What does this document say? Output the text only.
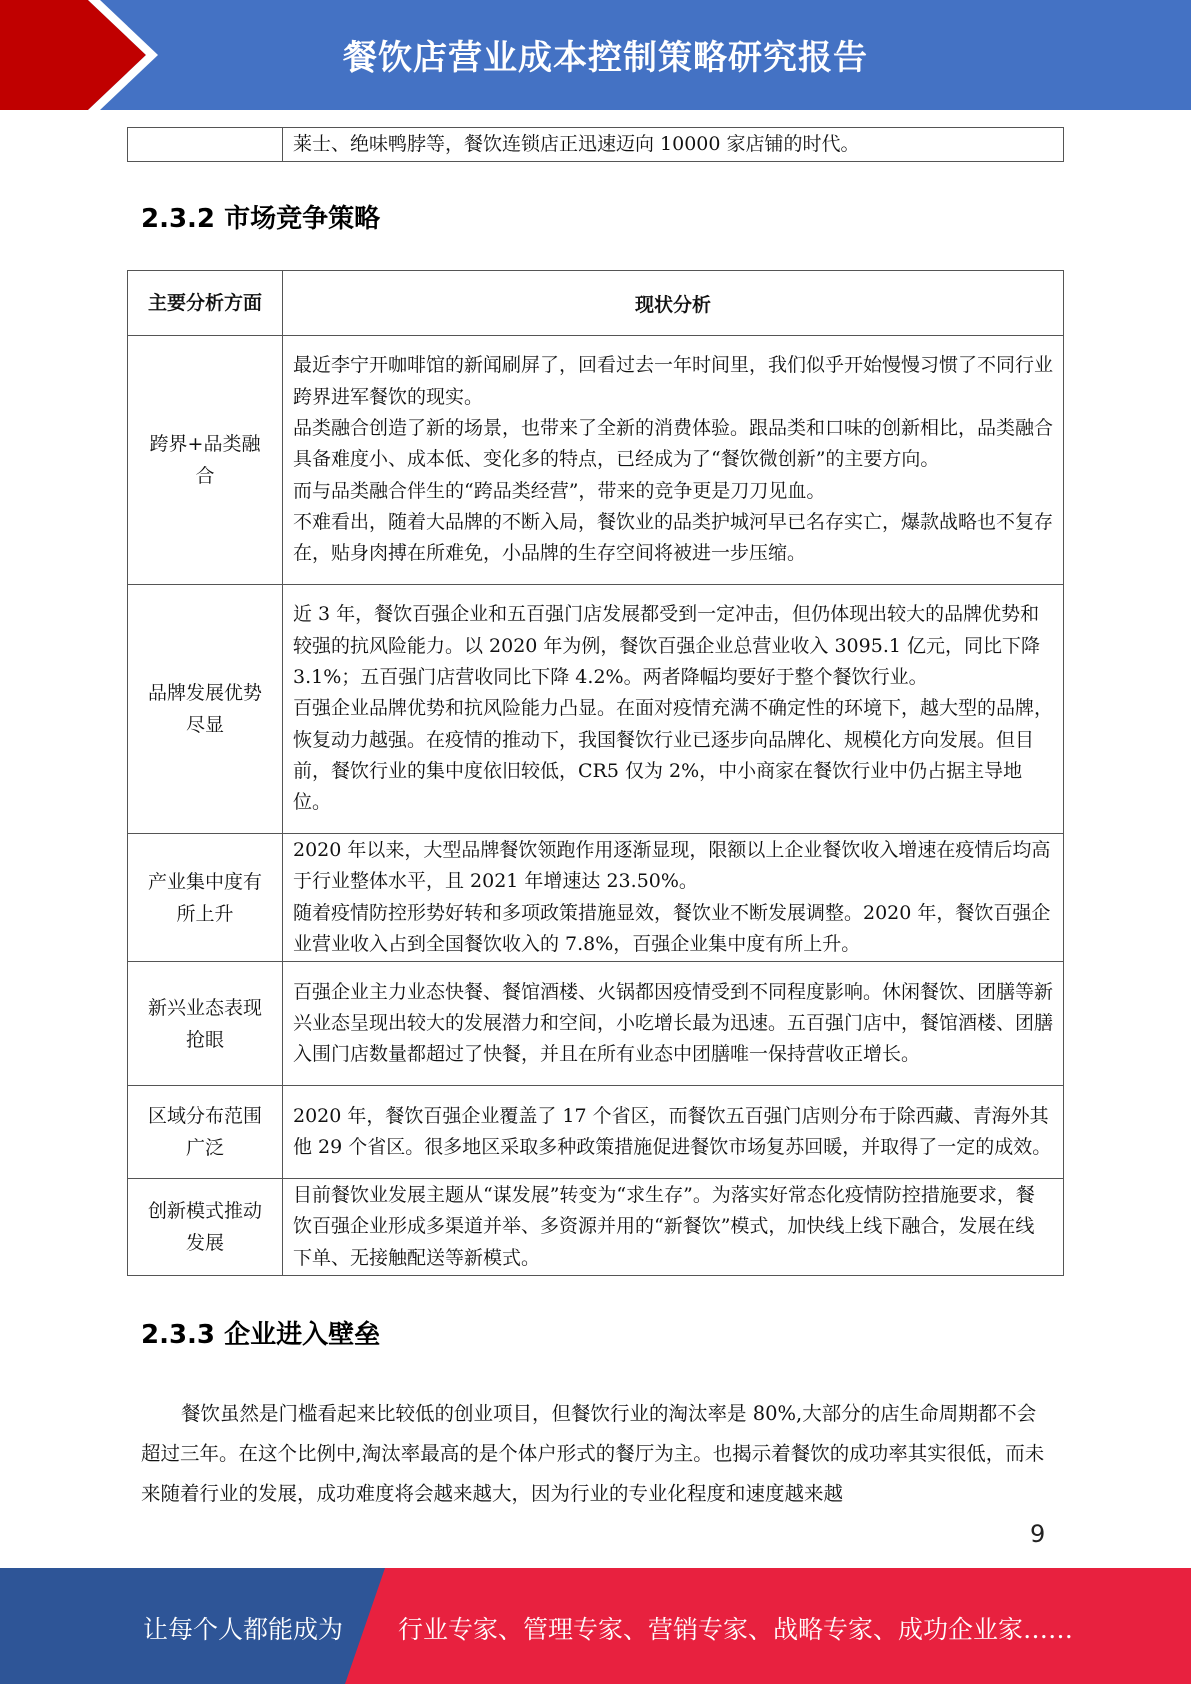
餐饮店营业成本控制策略研究报告
	莱士、绝味鸭脖等，餐饮连锁店正迅速迈向 10000 家店铺的时代。
2.3.2 市场竞争策略
主要分析方面	现状分析
跨界+品类融合	最近李宁开咖啡馆的新闻刷屏了，回看过去一年时间里，我们似乎开始慢慢习惯了不同行业跨界进军餐饮的现实。

品类融合创造了新的场景，也带来了全新的消费体验。跟品类和口味的创新相比，品类融合具备难度小、成本低、变化多的特点，已经成为了“餐饮微创新”的主要方向。

而与品类融合伴生的“跨品类经营”，带来的竞争更是刀刀见血。

不难看出，随着大品牌的不断入局，餐饮业的品类护城河早已名存实亡，爆款战略也不复存在，贴身肉搏在所难免，小品牌的生存空间将被进一步压缩。

品牌发展优势尽显	近 3 年，餐饮百强企业和五百强门店发展都受到一定冲击，但仍体现出较大的品牌优势和较强的抗风险能力。以 2020 年为例，餐饮百强企业总营业收入 3095.1 亿元，同比下降 3.1%；五百强门店营收同比下降 4.2%。两者降幅均要好于整个餐饮行业。

百强企业品牌优势和抗风险能力凸显。在面对疫情充满不确定性的环境下，越大型的品牌，恢复动力越强。在疫情的推动下，我国餐饮行业已逐步向品牌化、规模化方向发展。但目前，餐饮行业的集中度依旧较低，CR5 仅为 2%，中小商家在餐饮行业中仍占据主导地位。

产业集中度有所上升	2020 年以来，大型品牌餐饮领跑作用逐渐显现，限额以上企业餐饮收入增速在疫情后均高于行业整体水平，且 2021 年增速达 23.50%。

随着疫情防控形势好转和多项政策措施显效，餐饮业不断发展调整。2020 年，餐饮百强企业营业收入占到全国餐饮收入的 7.8%，百强企业集中度有所上升。

新兴业态表现抢眼	百强企业主力业态快餐、餐馆酒楼、火锅都因疫情受到不同程度影响。休闲餐饮、团膳等新兴业态呈现出较大的发展潜力和空间，小吃增长最为迅速。五百强门店中，餐馆酒楼、团膳入围门店数量都超过了快餐，并且在所有业态中团膳唯一保持营收正增长。

区域分布范围广泛	2020 年，餐饮百强企业覆盖了 17 个省区，而餐饮五百强门店则分布于除西藏、青海外其他 29 个省区。很多地区采取多种政策措施促进餐饮市场复苏回暖，并取得了一定的成效。

创新模式推动发展	目前餐饮业发展主题从“谋发展”转变为“求生存”。为落实好常态化疫情防控措施要求，餐饮百强企业形成多渠道并举、多资源并用的“新餐饮”模式，加快线上线下融合，发展在线下单、无接触配送等新模式。

2.3.3 企业进入壁垒
餐饮虽然是门槛看起来比较低的创业项目，但餐饮行业的淘汰率是 80%,大部分的店生命周期都不会超过三年。在这个比例中,淘汰率最高的是个体户形式的餐厅为主。也揭示着餐饮的成功率其实很低，而未来随着行业的发展，成功难度将会越来越大，因为行业的专业化程度和速度越来越
9
让每个人都能成为 行业专家、管理专家、营销专家、战略专家、成功企业家……
